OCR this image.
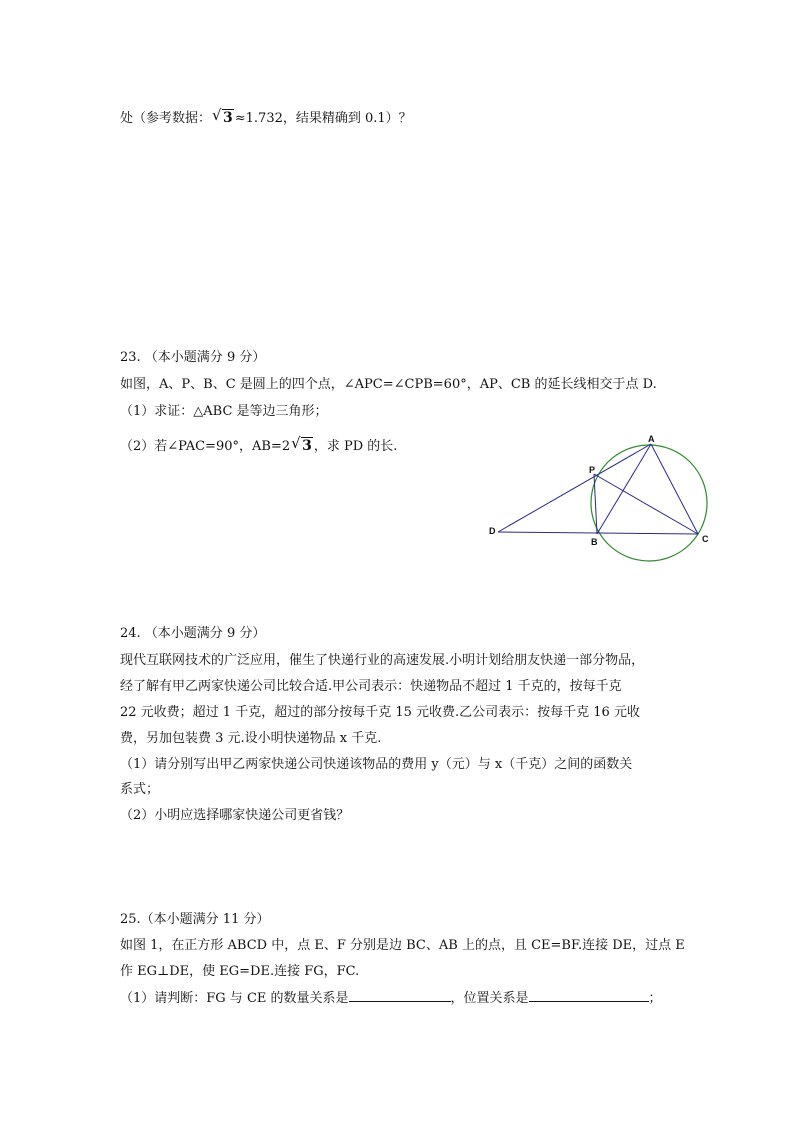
处（参考数据： √ 3 ≈1.732，结果精确到 0.1）？
23. （本小题满分 9 分）
如图，A、P、B、C 是圆上的四个点，∠APC=∠CPB=60°，AP、CB 的延长线相交于点 D.
（1）求证：△ABC 是等边三角形；
（2）若∠PAC=90°，AB=2 √ 3 ，求 PD 的长.	A
P
B	C
D
24. （本小题满分 9 分）
现代互联网技术的广泛应用，催生了快递行业的高速发展.小明计划给朋友快递一部分物品，
经了解有甲乙两家快递公司比较合适.甲公司表示：快递物品不超过 1 千克的，按每千克
22 元收费；超过 1 千克，超过的部分按每千克 15 元收费.乙公司表示：按每千克 16 元收
费，另加包装费 3 元.设小明快递物品 x 千克.
（1）请分别写出甲乙两家快递公司快递该物品的费用 y（元）与 x（千克）之间的函数关
系式；
（2）小明应选择哪家快递公司更省钱？
25.（本小题满分 11 分）
如图 1，在正方形 ABCD 中，点 E、F 分别是边 BC、AB 上的点，且 CE=BF.连接 DE，过点 E
作 EG⊥DE，使 EG=DE.连接 FG，FC.
（1）请判断：FG 与 CE 的数量关系是	，位置关系是	；
